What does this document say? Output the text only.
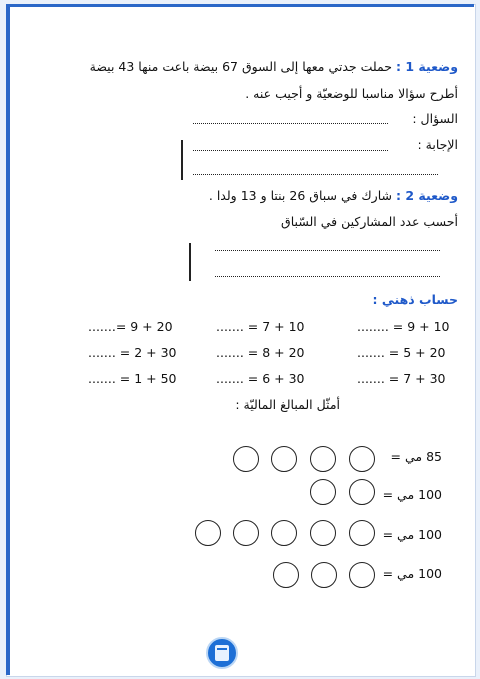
وضعية 1 : حملت جدتي معها إلى السوق 67 بيضة باعت منها 43 بيضة
أطرح سؤالا مناسبا للوضعيّة و أجيب عنه .
السؤال :
الإجابة :
وضعية 2 : شارك في سباق 26 بنتا و 13 ولدا .
أحسب عدد المشاركين في السّباق
حساب ذهني :
........ = 9 + 10
....... = 7 + 10
.......= 9 + 20
....... = 5 + 20
....... = 8 + 20
....... = 2 + 30
....... = 7 + 30
....... = 6 + 30
....... = 1 + 50
أمثّل المبالغ الماليّة :
85 مي =
100 مي =
100 مي =
100 مي =
